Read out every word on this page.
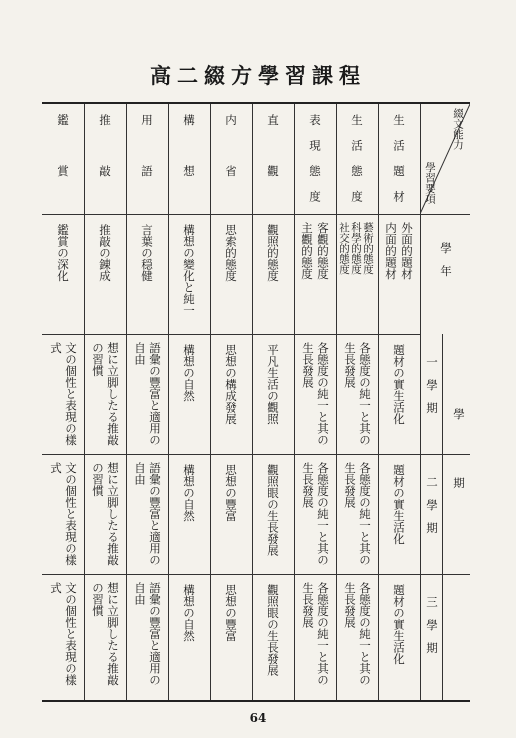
高二綴方學習課程
綴文能力
學習要項
學　年
學　　　　　期
一　學　期
二　學　期
三　學　期
生活題材
外面的題材
内面的題材
題材の實生活化
題材の實生活化
題材の實生活化
生活態度
藝術的態度
科學的態度
社交的態度
各態度の純一と其の
生長發展
各態度の純一と其の
生長發展
各態度の純一と其の
生長發展
表現態度
客觀的態度
主觀的態度
各態度の純一と其の
生長發展
各態度の純一と其の
生長發展
各態度の純一と其の
生長發展
直　觀
觀照的態度
平凡生活の觀照
觀照眼の生長發展
觀照眼の生長發展
内　省
思索的態度
思想の構成發展
思想の豐富
思想の豐富
構　想
構想の變化と純一
構想の自然
構想の自然
構想の自然
用　語
言葉の穏健
語彙の豐富と適用の
自由
語彙の豐富と適用の
自由
語彙の豐富と適用の
自由
推　敲
推敲の錬成
想に立脚したる推敲
の習慣
想に立脚したる推敲
の習慣
想に立脚したる推敲
の習慣
鑑　賞
鑑賞の深化
文の個性と表現の樣
式
文の個性と表現の樣
式
文の個性と表現の樣
式
64
